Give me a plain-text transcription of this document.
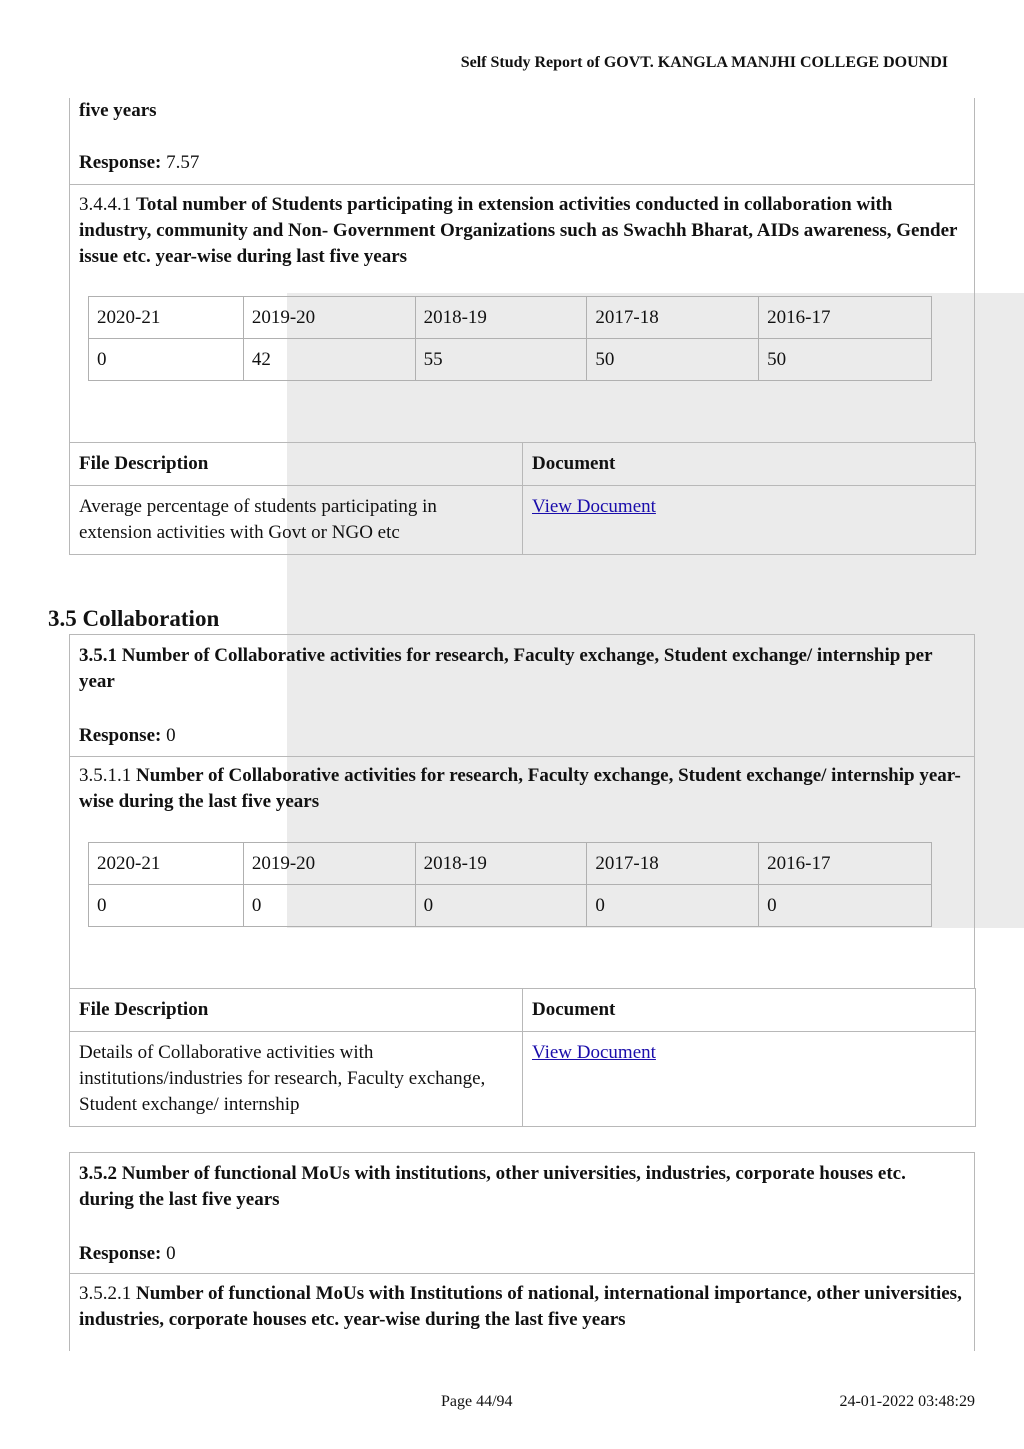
Self Study Report of GOVT. KANGLA MANJHI COLLEGE DOUNDI
five years
Response: 7.57
3.4.4.1 Total number of Students participating in extension activities conducted in collaboration with industry, community and Non- Government Organizations such as Swachh Bharat, AIDs awareness, Gender issue etc. year-wise during last five years
2020-21	2019-20	2018-19	2017-18	2016-17
0	42	55	50	50
File Description	Document
Average percentage of students participating in extension activities with Govt or NGO etc	View Document
3.5 Collaboration
3.5.1 Number of Collaborative activities for research, Faculty exchange, Student exchange/ internship per year
Response: 0
3.5.1.1 Number of Collaborative activities for research, Faculty exchange, Student exchange/ internship year-wise during the last five years
2020-21	2019-20	2018-19	2017-18	2016-17
0	0	0	0	0
File Description	Document
Details of Collaborative activities with institutions/industries for research, Faculty exchange, Student exchange/ internship	View Document
3.5.2 Number of functional MoUs with institutions, other universities, industries, corporate houses etc. during the last five years
Response: 0
3.5.2.1 Number of functional MoUs with Institutions of national, international importance, other universities, industries, corporate houses etc. year-wise during the last five years
Page 44/94	24-01-2022 03:48:29
